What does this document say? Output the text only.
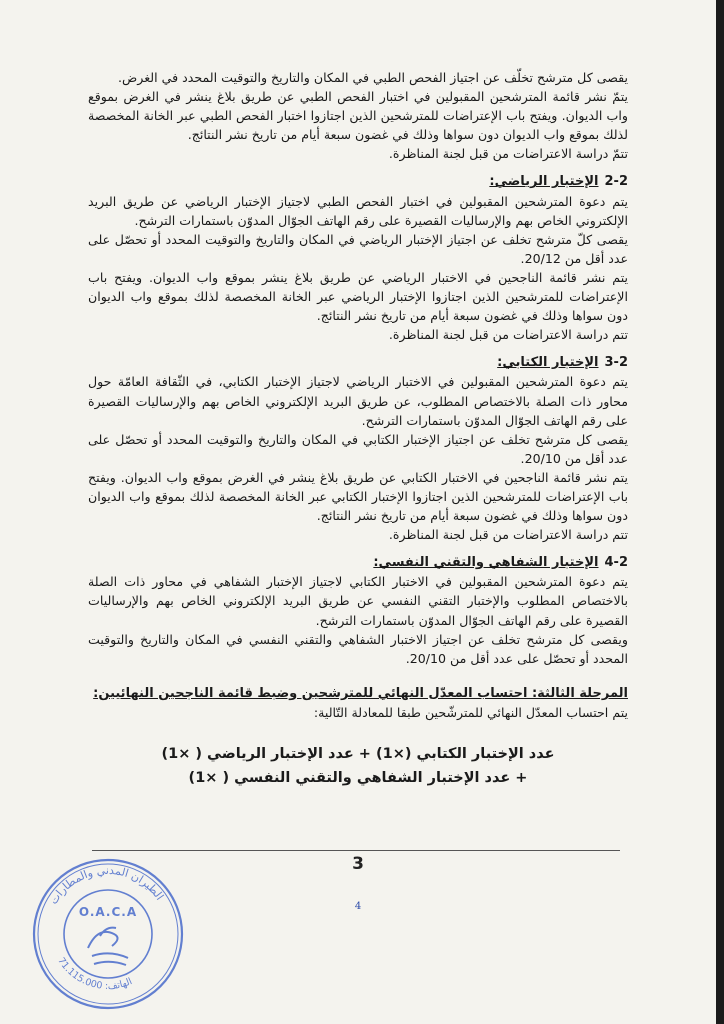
يقصى كل مترشح تخلّف عن اجتياز الفحص الطبي في المكان والتاريخ والتوقيت المحدد في الغرض.

يتمّ نشر قائمة المترشحين المقبولين في اختبار الفحص الطبي عن طريق بلاغ ينشر في الغرض بموقع واب الديوان. ويفتح باب الإعتراضات للمترشحين الذين اجتازوا اختبار الفحص الطبي عبر الخانة المخصصة لذلك بموقع واب الديوان دون سواها وذلك في غضون سبعة أيام من تاريخ نشر النتائج.

تتمّ دراسة الاعتراضات من قبل لجنة المناظرة.

2-2الإختبار الرياضي:

يتم دعوة المترشحين المقبولين في اختبار الفحص الطبي لاجتياز الإختبار الرياضي عن طريق البريد الإلكتروني الخاص بهم والإرساليات القصيرة على رقم الهاتف الجوّال المدوّن باستمارات الترشح.

يقصى كلّ مترشح تخلف عن اجتياز الإختبار الرياضي في المكان والتاريخ والتوقيت المحدد أو تحصّل على عدد أقل من 20/12.

يتم نشر قائمة الناجحين في الاختبار الرياضي عن طريق بلاغ ينشر بموقع واب الديوان. ويفتح باب الإعتراضات للمترشحين الذين اجتازوا الإختبار الرياضي عبر الخانة المخصصة لذلك بموقع واب الديوان دون سواها وذلك في غضون سبعة أيام من تاريخ نشر النتائج.

تتم دراسة الاعتراضات من قبل لجنة المناظرة.

3-2الإختبار الكتابي:

يتم دعوة المترشحين المقبولين في الاختبار الرياضي لاجتياز الإختبار الكتابي، في الثّقافة العامّة حول محاور ذات الصلة بالاختصاص المطلوب، عن طريق البريد الإلكتروني الخاص بهم والإرساليات القصيرة على رقم الهاتف الجوّال المدوّن باستمارات الترشح.

يقصى كل مترشح تخلف عن اجتياز الإختبار الكتابي في المكان والتاريخ والتوقيت المحدد أو تحصّل على عدد أقل من 20/10.

يتم نشر قائمة الناجحين في الاختبار الكتابي عن طريق بلاغ ينشر في الغرض بموقع واب الديوان. ويفتح باب الإعتراضات للمترشحين الذين اجتازوا الإختبار الكتابي عبر الخانة المخصصة لذلك بموقع واب الديوان دون سواها وذلك في غضون سبعة أيام من تاريخ نشر النتائج.

تتم دراسة الاعتراضات من قبل لجنة المناظرة.

4-2الإختبار الشفاهي والتقني النفسي:

يتم دعوة المترشحين المقبولين في الاختبار الكتابي لاجتياز الإختبار الشفاهي في محاور ذات الصلة بالاختصاص المطلوب والإختبار التقني النفسي عن طريق البريد الإلكتروني الخاص بهم والإرساليات القصيرة على رقم الهاتف الجوّال المدوّن باستمارات الترشح.

ويقصى كل مترشح تخلف عن اجتياز الاختبار الشفاهي والتقني النفسي في المكان والتاريخ والتوقيت المحدد أو تحصّل على عدد أقل من 20/10.

المرحلة الثالثة: احتساب المعدّل النهائي للمترشحين وضبط قائمة الناجحين النهائيين:

يتم احتساب المعدّل النهائي للمترشّحين طبقا للمعادلة التّالية:

عدد الإختبار الكتابي (×1) + عدد الإختبار الرياضي ( ×1)
+ عدد الإختبار الشفاهي والتقني النفسي ( ×1)
3
4
الطيران المدني والمطارات
الهاتف: 71.115.000
O.A.C.A
